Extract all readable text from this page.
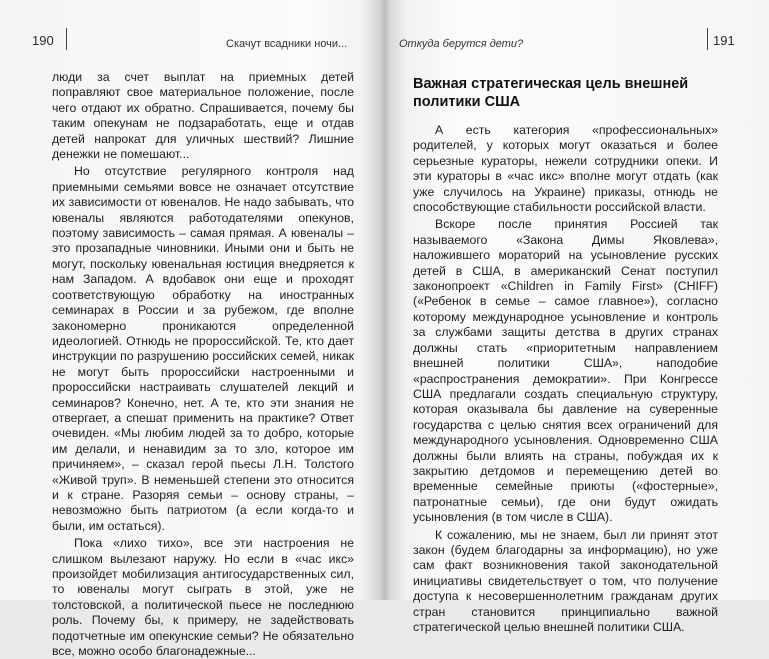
190	Скачут всадники ночи...	Откуда берутся дети?	191

люди за счет выплат на приемных детей поправляют свое материальное положение, после чего отдают их обратно. Спрашивается, почему бы таким опекунам не подзаработать, еще и отдав детей напрокат для уличных шествий? Лишние денежки не помешают...

Но отсутствие регулярного контроля над приемными семьями вовсе не означает отсутствие их зависимости от ювеналов. Не надо забывать, что ювеналы являются работодателями опекунов, поэтому зависимость – самая прямая. А ювеналы – это прозападные чиновники. Иными они и быть не могут, поскольку ювенальная юстиция внедряется к нам Западом. А вдобавок они еще и проходят соответствующую обработку на иностранных семинарах в России и за рубежом, где вполне закономерно проникаются определенной идеологией. Отнюдь не пророссийской. Те, кто дает инструкции по разрушению российских семей, никак не могут быть пророссийски настроенными и пророссийски настраивать слушателей лекций и семинаров? Конечно, нет. А те, кто эти знания не отвергает, а спешат применить на практике? Ответ очевиден. «Мы любим людей за то добро, которые им делали, и ненавидим за то зло, которое им причиняем», – сказал герой пьесы Л.Н. Толстого «Живой труп». В неменьшей степени это относится и к стране. Разоряя семьи – основу страны, – невозможно быть патриотом (а если когда-то и были, им остаться).

Пока «лихо тихо», все эти настроения не слишком вылезают наружу. Но если в «час икс» произойдет мобилизация антигосударственных сил, то ювеналы могут сыграть в этой, уже не толстовской, а политической пьесе не последнюю роль. Почему бы, к примеру, не задействовать подотчетные им опекунские семьи? Не обязательно все, можно особо благонадежные...

Важная стратегическая цель внешней политики США

А есть категория «профессиональных» родителей, у которых могут оказаться и более серьезные кураторы, нежели сотрудники опеки. И эти кураторы в «час икс» вполне могут отдать (как уже случилось на Украине) приказы, отнюдь не способствующие стабильности российской власти.

Вскоре после принятия Россией так называемого «Закона Димы Яковлева», наложившего мораторий на усыновление русских детей в США, в американский Сенат поступил законопроект «Children in Family First» (CHIFF) («Ребенок в семье – самое главное»), согласно которому международное усыновление и контроль за службами защиты детства в других странах должны стать «приоритетным направлением внешней политики США», наподобие «распространения демократии». При Конгрессе США предлагали создать специальную структуру, которая оказывала бы давление на суверенные государства с целью снятия всех ограничений для международного усыновления. Одновременно США должны были влиять на страны, побуждая их к закрытию детдомов и перемещению детей во временные семейные приюты («фостерные», патронатные семьи), где они будут ожидать усыновления (в том числе в США).

К сожалению, мы не знаем, был ли принят этот закон (будем благодарны за информацию), но уже сам факт возникновения такой законодательной инициативы свидетельствует о том, что получение доступа к несовершеннолетним гражданам других стран становится принципиально важной стратегической целью внешней политики США.
